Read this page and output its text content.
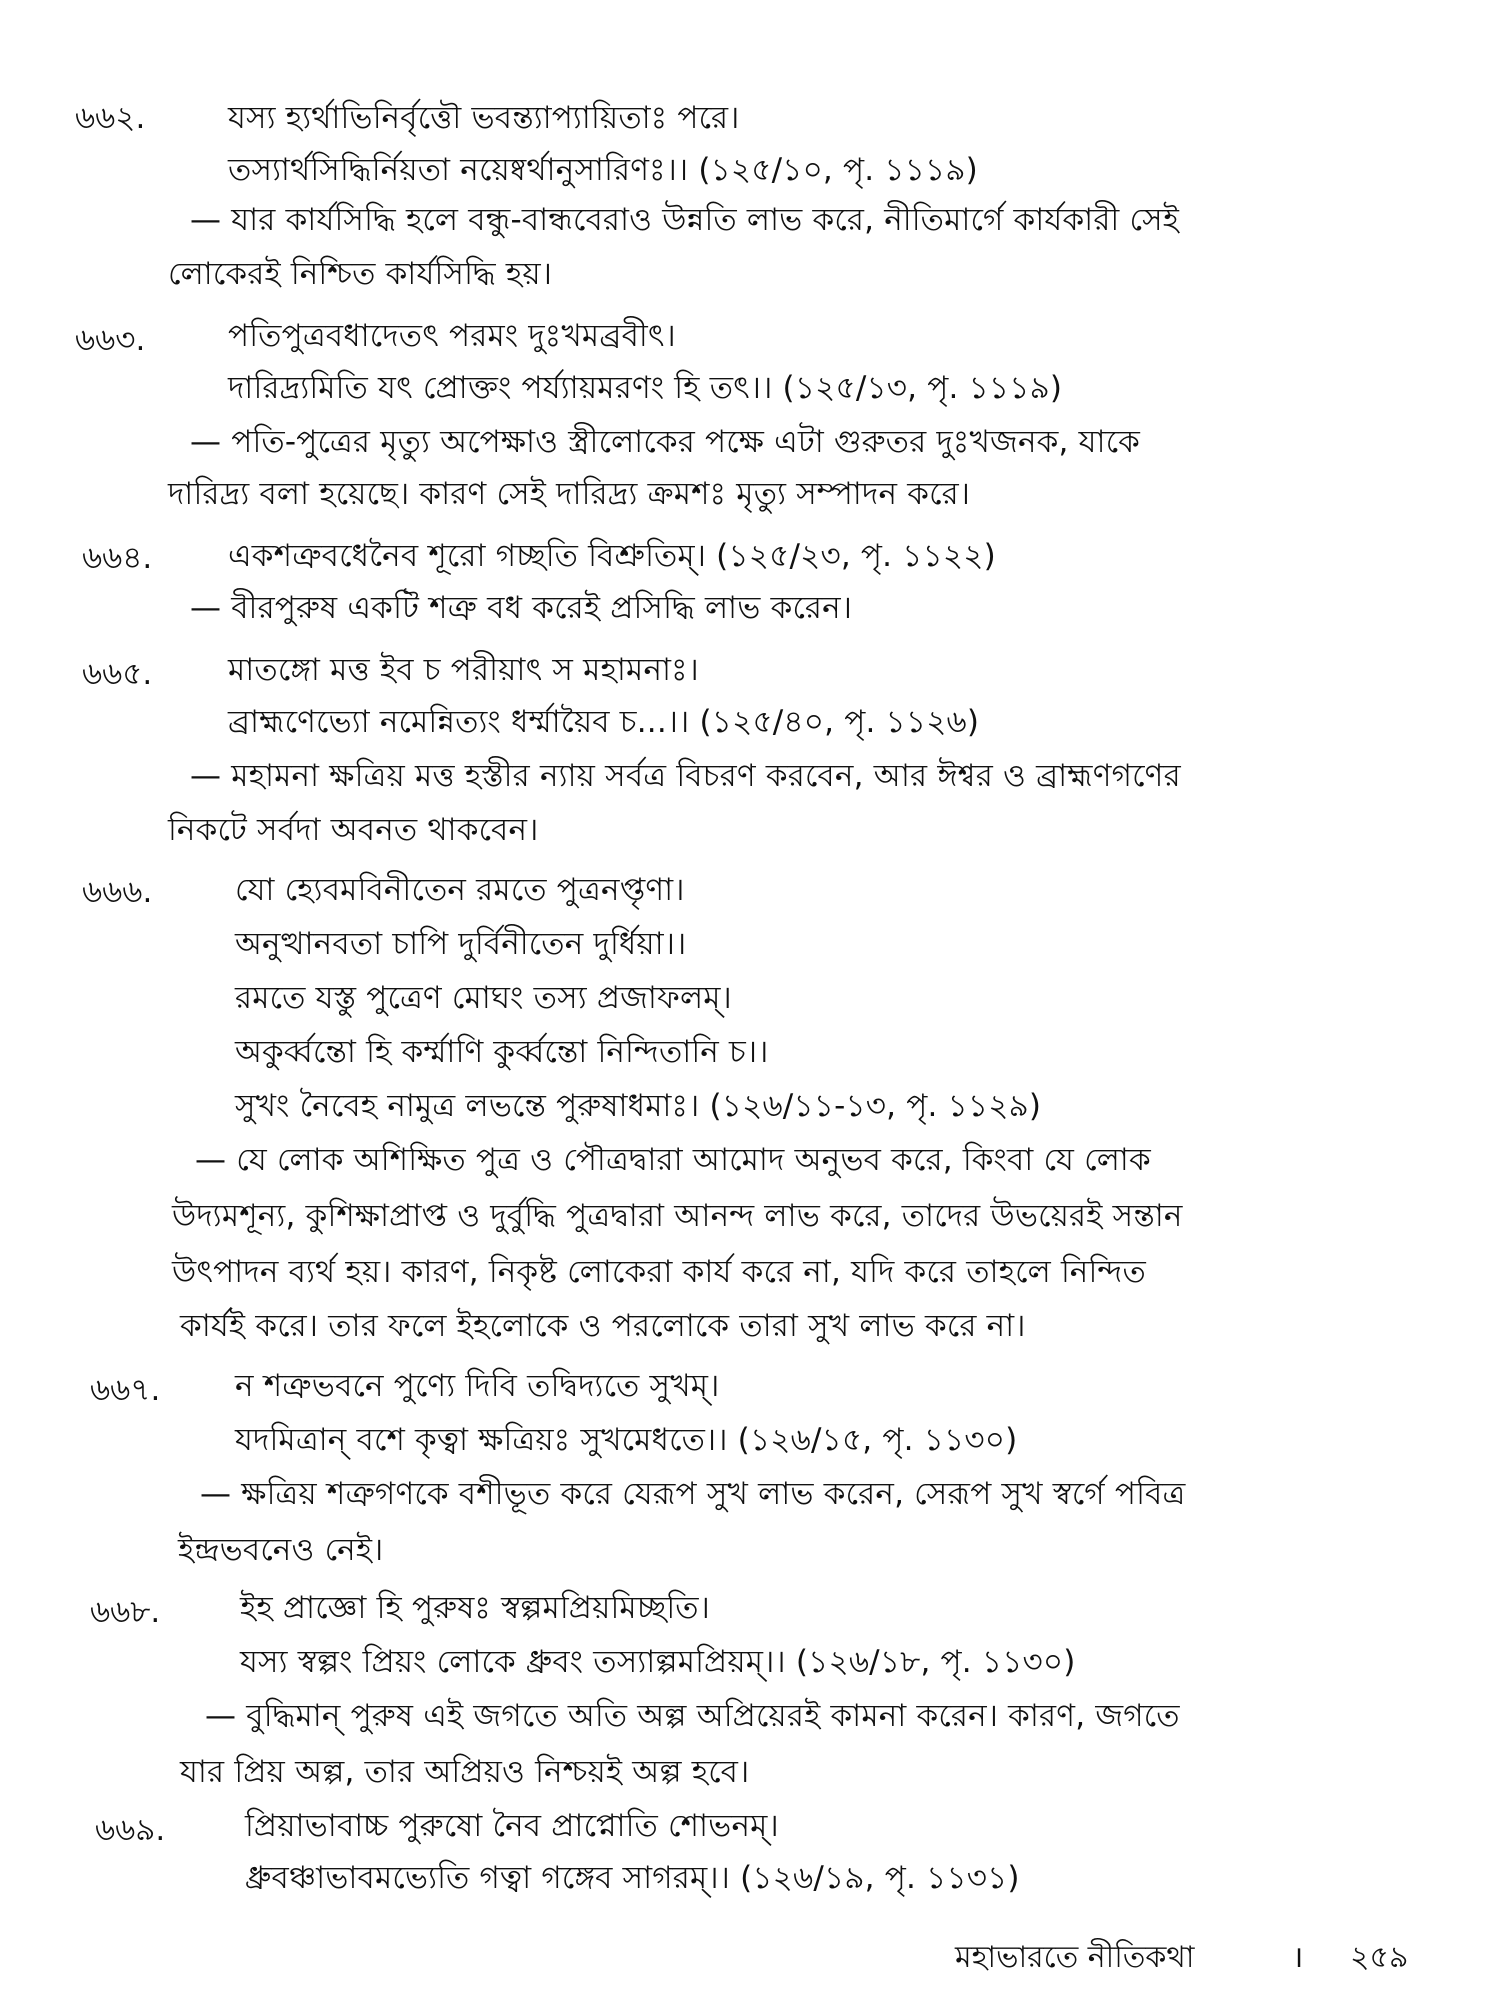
৬৬২.	যস্য হ্যর্থাভিনির্বৃত্তৌ ভবন্ত্যাপ্যায়িতাঃ পরে।
তস্যার্থসিদ্ধির্নিয়তা নয়েষ্বর্থানুসারিণঃ।। (১২৫/১০, পৃ. ১১১৯)
— যার কার্যসিদ্ধি হলে বন্ধু-বান্ধবেরাও উন্নতি লাভ করে, নীতিমার্গে কার্যকারী সেই
লোকেরই নিশ্চিত কার্যসিদ্ধি হয়।
৬৬৩.	পতিপুত্রবধাদেতৎ পরমং দুঃখমব্রবীৎ।
দারিদ্র্যমিতি যৎ প্রোক্তং পর্য্যায়মরণং হি তৎ।। (১২৫/১৩, পৃ. ১১১৯)
— পতি-পুত্রের মৃত্যু অপেক্ষাও স্ত্রীলোকের পক্ষে এটা গুরুতর দুঃখজনক, যাকে
দারিদ্র্য বলা হয়েছে। কারণ সেই দারিদ্র্য ক্রমশঃ মৃত্যু সম্পাদন করে।
৬৬৪. একশত্রুবধেনৈব শূরো গচ্ছতি বিশ্রুতিম্। (১২৫/২৩, পৃ. ১১২২)
— বীরপুরুষ একটি শত্রু বধ করেই প্রসিদ্ধি লাভ করেন।
৬৬৫. মাতঙ্গো মত্ত ইব চ পরীয়াৎ স মহামনাঃ।
ব্রাহ্মণেভ্যো নমেন্নিত্যং ধর্ম্মায়ৈব চ...।। (১২৫/৪০, পৃ. ১১২৬)
— মহামনা ক্ষত্রিয় মত্ত হস্তীর ন্যায় সর্বত্র বিচরণ করবেন, আর ঈশ্বর ও ব্রাহ্মণগণের
নিকটে সর্বদা অবনত থাকবেন।
৬৬৬.	যো হ্যেবমবিনীতেন রমতে পুত্রনপ্তৃণা।
অনুত্থানবতা চাপি দুর্বিনীতেন দুর্ধিয়া।।
রমতে যস্তু পুত্রেণ মোঘং তস্য প্রজাফলম্।
অকুর্ব্বন্তো হি কর্ম্মাণি কুর্ব্বন্তো নিন্দিতানি চ।।
সুখং নৈবেহ নামুত্র লভন্তে পুরুষাধমাঃ। (১২৬/১১-১৩, পৃ. ১১২৯)
— যে লোক অশিক্ষিত পুত্র ও পৌত্রদ্বারা আমোদ অনুভব করে, কিংবা যে লোক
উদ্যমশূন্য, কুশিক্ষাপ্রাপ্ত ও দুর্বুদ্ধি পুত্রদ্বারা আনন্দ লাভ করে, তাদের উভয়েরই সন্তান
উৎপাদন ব্যর্থ হয়। কারণ, নিকৃষ্ট লোকেরা কার্য করে না, যদি করে তাহলে নিন্দিত
কার্যই করে। তার ফলে ইহলোকে ও পরলোকে তারা সুখ লাভ করে না।
৬৬৭. ন শত্রুভবনে পুণ্যে দিবি তদ্বিদ্যতে সুখম্।
যদমিত্রান্ বশে কৃত্বা ক্ষত্রিয়ঃ সুখমেধতে।। (১২৬/১৫, পৃ. ১১৩০)
— ক্ষত্রিয় শত্রুগণকে বশীভূত করে যেরূপ সুখ লাভ করেন, সেরূপ সুখ স্বর্গে পবিত্র
ইন্দ্রভবনেও নেই।
৬৬৮.	ইহ প্রাজ্ঞো হি পুরুষঃ স্বল্পমপ্রিয়মিচ্ছতি।
যস্য স্বল্পং প্রিয়ং লোকে ধ্রুবং তস্যাল্পমপ্রিয়ম্।। (১২৬/১৮, পৃ. ১১৩০)
— বুদ্ধিমান্ পুরুষ এই জগতে অতি অল্প অপ্রিয়েরই কামনা করেন। কারণ, জগতে
যার প্রিয় অল্প, তার অপ্রিয়ও নিশ্চয়ই অল্প হবে।
৬৬৯.	প্রিয়াভাবাচ্চ পুরুষো নৈব প্রাপ্নোতি শোভনম্।
ধ্রুবঞ্চাভাবমভ্যেতি গত্বা গঙ্গেব সাগরম্।। (১২৬/১৯, পৃ. ১১৩১)
মহাভারতে নীতিকথা	। ২৫৯
